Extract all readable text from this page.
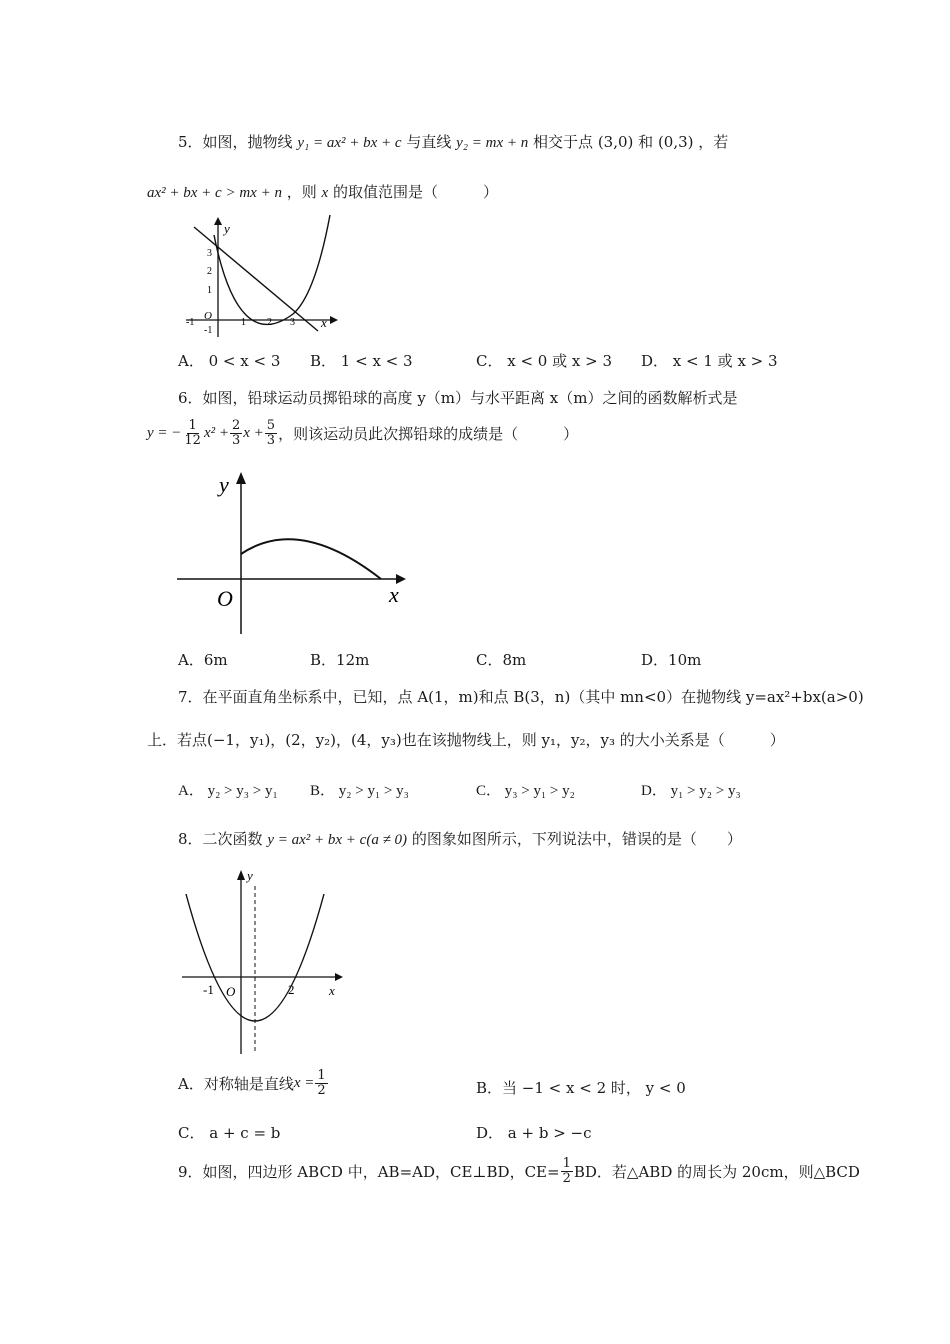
5．如图，抛物线 y₁ = ax² + bx + c 与直线 y₂ = mx + n 相交于点 (3,0) 和 (0,3) ，若
ax² + bx + c > mx + n ，则 x 的取值范围是（　　　）
y
x
O
3
2
1
-1
-1	1 2 3
A． 0 < x < 3 B． 1 < x < 3	C． x < 0 或 x > 3 D． x < 1 或 x > 3
6．如图，铅球运动员掷铅球的高度 y（m）与水平距离 x（m）之间的函数解析式是
y = − $\frac{1}{12} x^2 + \frac{2}{3}$ $x + \frac{5}{3}$ ，则该运动员此次掷铅球的成绩是（　　　）
y
x
O
A．6m	B．12m	C．8m	D．10m
7．在平面直角坐标系中，已知，点 A(1，m)和点 B(3，n)（其中 mn<0）在抛物线 y=ax²+bx(a>0)
上．若点(−1，y₁)，(2，y₂)，(4，y₃)也在该抛物线上，则 y₁，y₂，y₃ 的大小关系是（　　　）
A． y₂ > y₃ > y₁ B． y₂ > y₁ > y₃	C． y₃ > y₁ > y₂	D． y₁ > y₂ > y₃
8．二次函数 y = ax² + bx + c(a ≠ 0) 的图象如图所示，下列说法中，错误的是（　　）
y
x
O
-1	2
A．对称轴是直线 $x = \frac{1}{2}$	B．当 −1 < x < 2 时， y < 0
C． a + c = b	D． a + b > −c
9．如图，四边形 ABCD 中，AB=AD，CE⊥BD，$CE= \frac{1}{2}$ BD．若△ABD 的周长为 20cm，则△BCD
